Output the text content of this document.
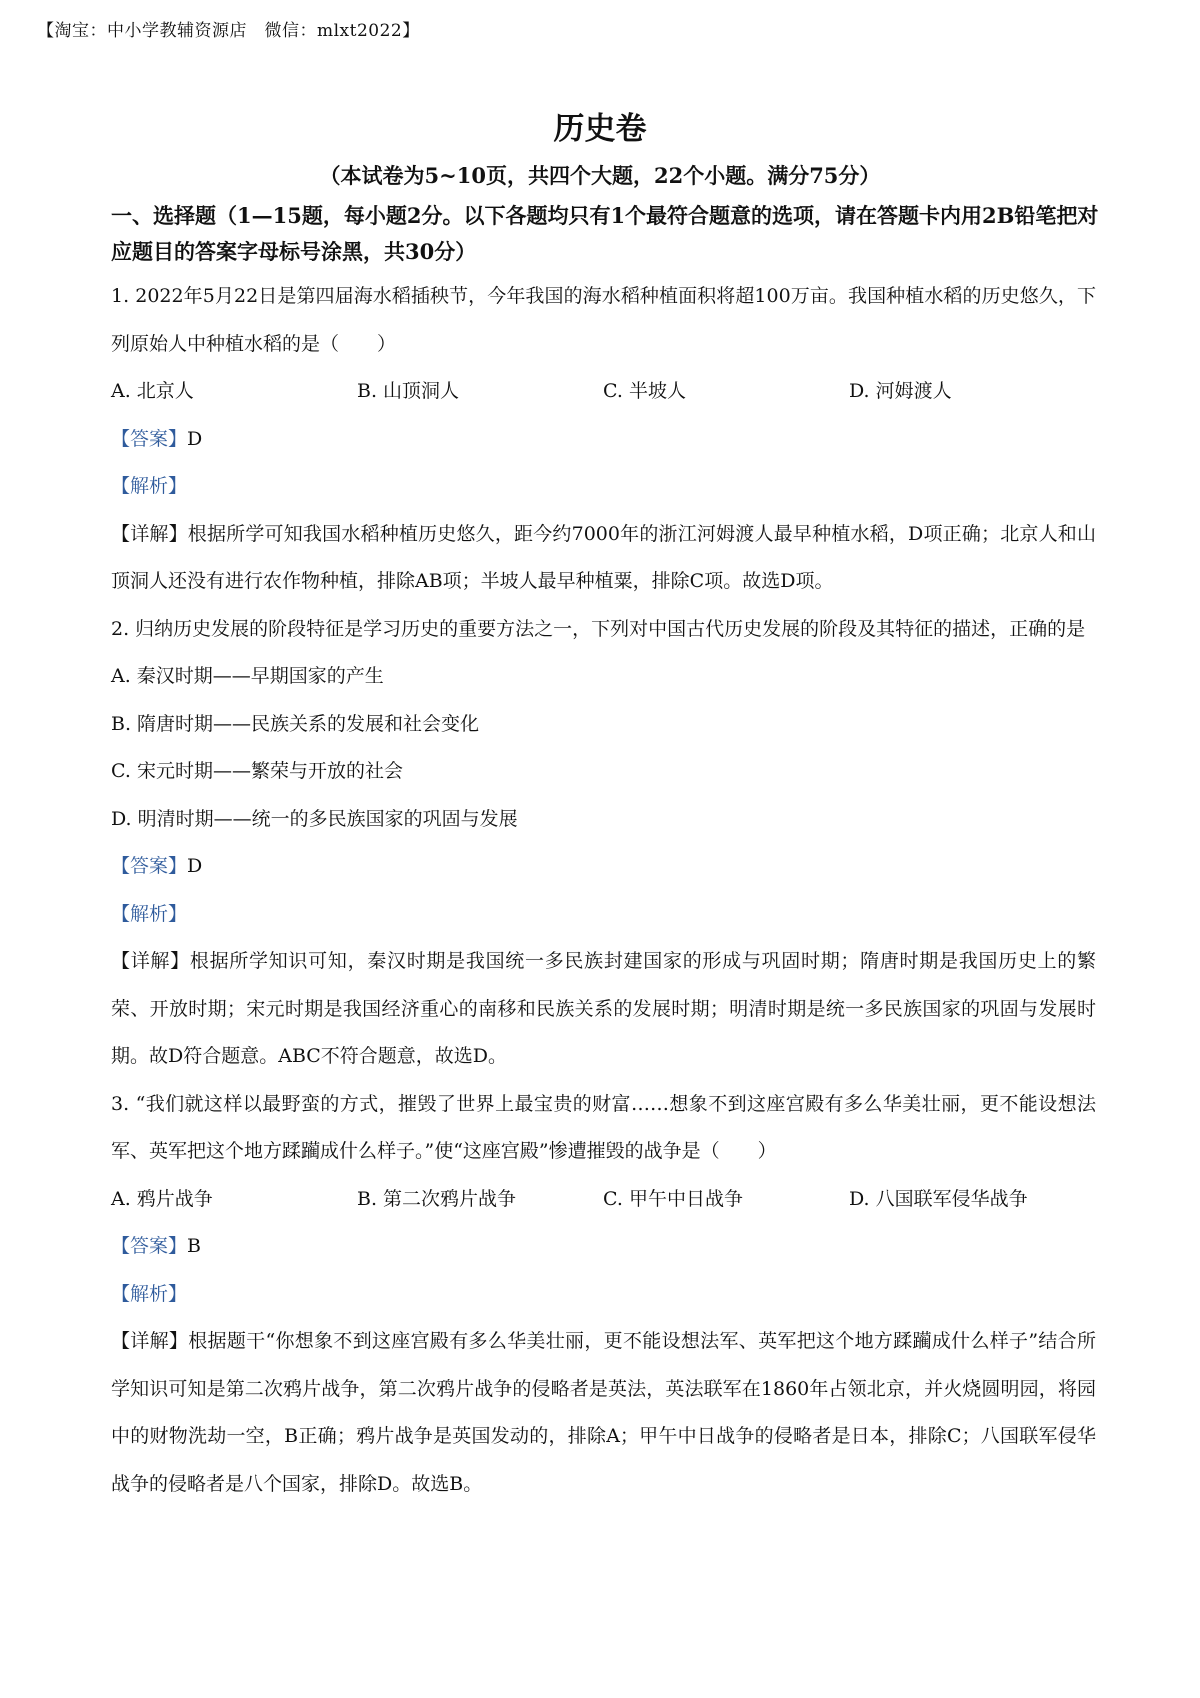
【淘宝：中小学教辅资源店　微信：mlxt2022】
历史卷
（本试卷为5~10页，共四个大题，22个小题。满分75分）
一、选择题（1—15题，每小题2分。以下各题均只有1个最符合题意的选项，请在答题卡内用2B铅笔把对应题目的答案字母标号涂黑，共30分）
1. 2022年5月22日是第四届海水稻插秧节，今年我国的海水稻种植面积将超100万亩。我国种植水稻的历史悠久，下列原始人中种植水稻的是（　　）
A. 北京人	B. 山顶洞人	C. 半坡人	D. 河姆渡人
【答案】D
【解析】
【详解】根据所学可知我国水稻种植历史悠久，距今约7000年的浙江河姆渡人最早种植水稻，D项正确；北京人和山顶洞人还没有进行农作物种植，排除AB项；半坡人最早种植粟，排除C项。故选D项。
2. 归纳历史发展的阶段特征是学习历史的重要方法之一，下列对中国古代历史发展的阶段及其特征的描述，正确的是
A. 秦汉时期——早期国家的产生
B. 隋唐时期——民族关系的发展和社会变化
C. 宋元时期——繁荣与开放的社会
D. 明清时期——统一的多民族国家的巩固与发展
【答案】D
【解析】
【详解】根据所学知识可知，秦汉时期是我国统一多民族封建国家的形成与巩固时期；隋唐时期是我国历史上的繁荣、开放时期；宋元时期是我国经济重心的南移和民族关系的发展时期；明清时期是统一多民族国家的巩固与发展时期。故D符合题意。ABC不符合题意，故选D。
3. “我们就这样以最野蛮的方式，摧毁了世界上最宝贵的财富……想象不到这座宫殿有多么华美壮丽，更不能设想法军、英军把这个地方蹂躏成什么样子。”使“这座宫殿”惨遭摧毁的战争是（　　）
A. 鸦片战争	B. 第二次鸦片战争	C. 甲午中日战争	D. 八国联军侵华战争
【答案】B
【解析】
【详解】根据题干“你想象不到这座宫殿有多么华美壮丽，更不能设想法军、英军把这个地方蹂躏成什么样子”结合所学知识可知是第二次鸦片战争，第二次鸦片战争的侵略者是英法，英法联军在1860年占领北京，并火烧圆明园，将园中的财物洗劫一空，B正确；鸦片战争是英国发动的，排除A；甲午中日战争的侵略者是日本，排除C；八国联军侵华战争的侵略者是八个国家，排除D。故选B。
